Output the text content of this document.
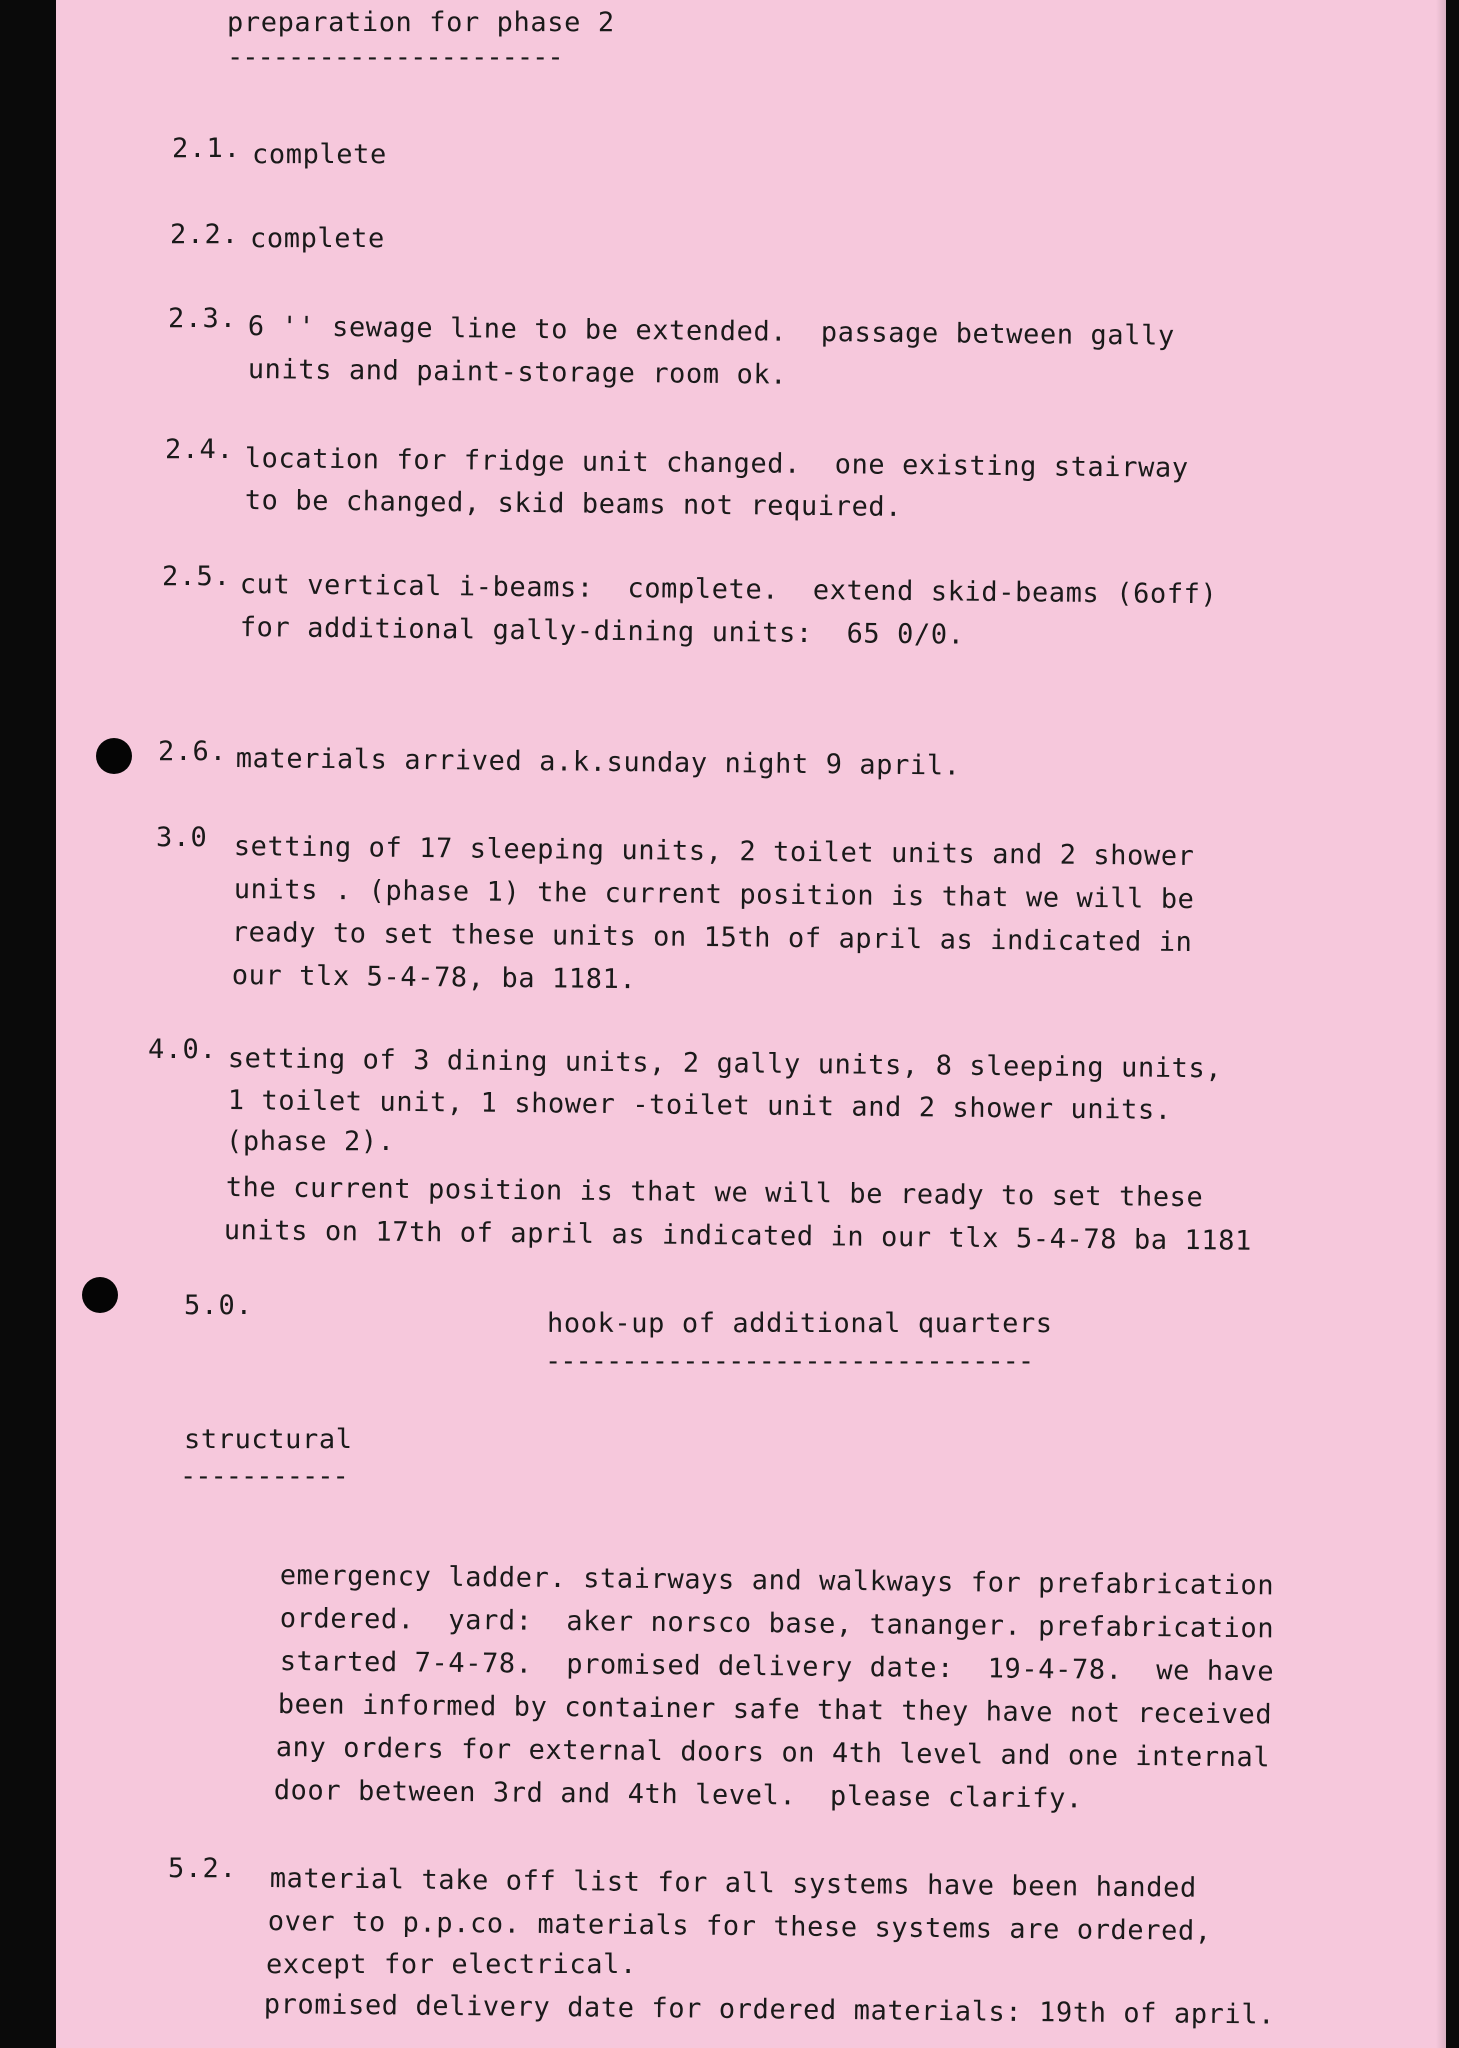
preparation for phase 2
----------------------
2.1. complete
2.2. complete
2.3. 6 '' sewage line to be extended.  passage between gally
units and paint-storage room ok.
2.4. location for fridge unit changed.  one existing stairway
to be changed, skid beams not required.
2.5. cut vertical i-beams:  complete.  extend skid-beams (6off)
for additional gally-dining units:  65 0/0.
2.6. materials arrived a.k.sunday night 9 april.
3.0 setting of 17 sleeping units, 2 toilet units and 2 shower
units . (phase 1) the current position is that we will be
ready to set these units on 15th of april as indicated in
our tlx 5-4-78, ba 1181.
4.0. setting of 3 dining units, 2 gally units, 8 sleeping units,
1 toilet unit, 1 shower -toilet unit and 2 shower units.
(phase 2).
the current position is that we will be ready to set these
units on 17th of april as indicated in our tlx 5-4-78 ba 1181
5.0.
hook-up of additional quarters
--------------------------------
structural
-----------
emergency ladder. stairways and walkways for prefabrication
ordered.  yard:  aker norsco base, tananger. prefabrication
started 7-4-78.  promised delivery date:  19-4-78.  we have
been informed by container safe that they have not received
any orders for external doors on 4th level and one internal
door between 3rd and 4th level.  please clarify.
5.2. material take off list for all systems have been handed
over to p.p.co. materials for these systems are ordered,
except for electrical.
promised delivery date for ordered materials: 19th of april.
